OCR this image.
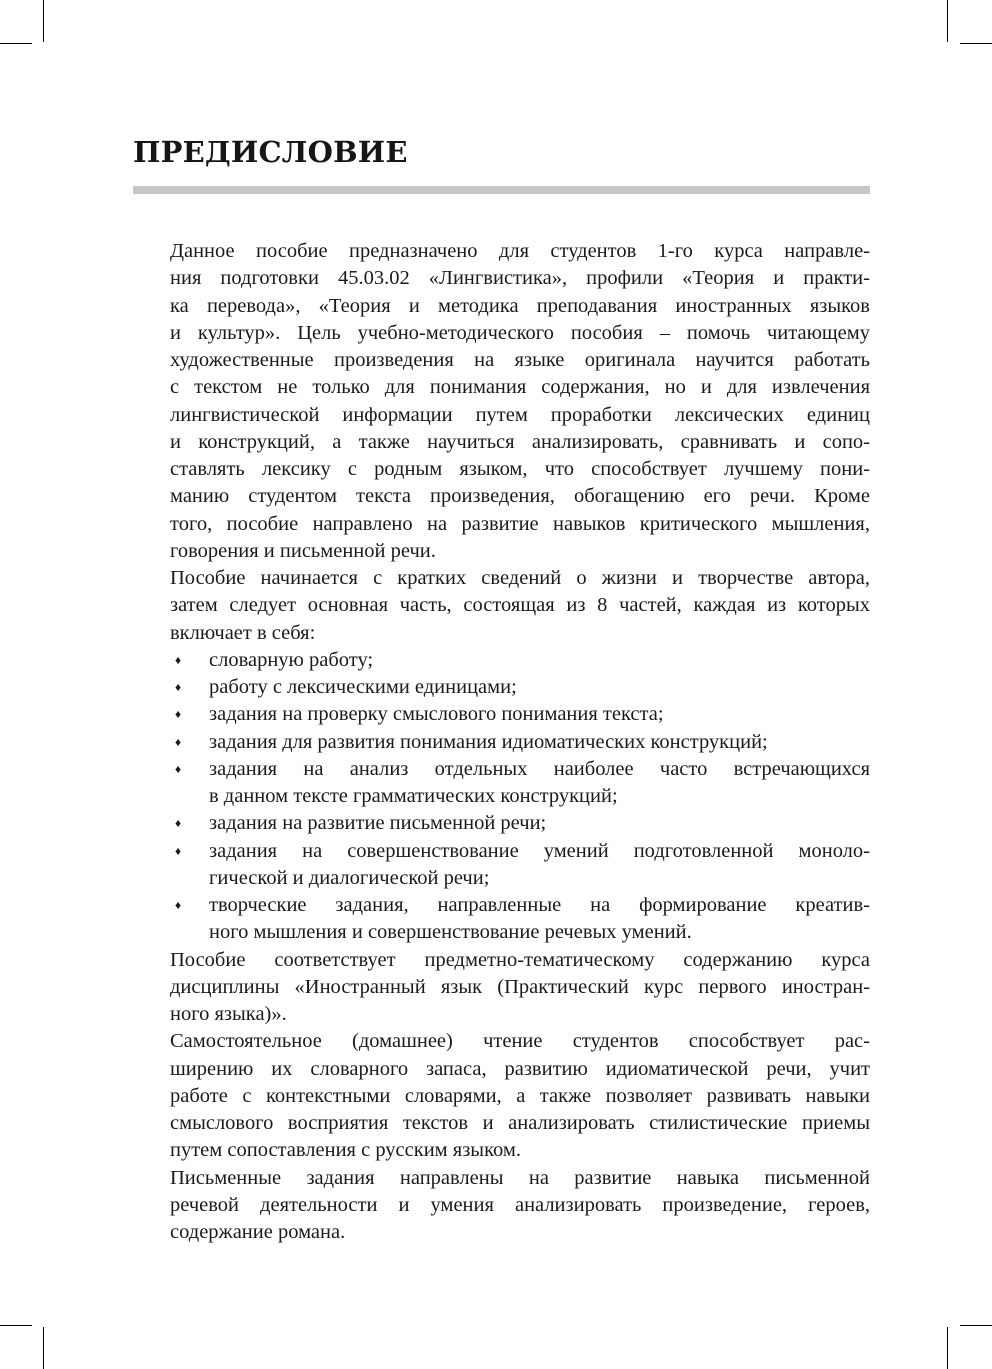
ПРЕДИСЛОВИЕ

Данное пособие предназначено для студентов 1-го курса направле-
ния подготовки 45.03.02 «Лингвистика», профили «Теория и практи-
ка перевода», «Теория и методика преподавания иностранных языков
и культур». Цель учебно-методического пособия – помочь читающему
художественные произведения на языке оригинала научится работать
с текстом не только для понимания содержания, но и для извлечения
лингвистической информации путем проработки лексических единиц
и конструкций, а также научиться анализировать, сравнивать и сопо-
ставлять лексику с родным языком, что способствует лучшему пони-
манию студентом текста произведения, обогащению его речи. Кроме
того, пособие направлено на развитие навыков критического мышления,
говорения и письменной речи.

Пособие начинается с кратких сведений о жизни и творчестве автора,
затем следует основная часть, состоящая из 8 частей, каждая из которых
включает в себя:

♦ словарную работу;
♦ работу с лексическими единицами;
♦ задания на проверку смыслового понимания текста;
♦ задания для развития понимания идиоматических конструкций;
♦ задания на анализ отдельных наиболее часто встречающихся
в данном тексте грамматических конструкций;
♦ задания на развитие письменной речи;
♦ задания на совершенствование умений подготовленной моноло-
гической и диалогической речи;
♦ творческие задания, направленные на формирование креатив-
ного мышления и совершенствование речевых умений.

Пособие соответствует предметно-тематическому содержанию курса
дисциплины «Иностранный язык (Практический курс первого иностран-
ного языка)».

Самостоятельное (домашнее) чтение студентов способствует рас-
ширению их словарного запаса, развитию идиоматической речи, учит
работе с контекстными словарями, а также позволяет развивать навыки
смыслового восприятия текстов и анализировать стилистические приемы
путем сопоставления с русским языком.

Письменные задания направлены на развитие навыка письменной
речевой деятельности и умения анализировать произведение, героев,
содержание романа.
